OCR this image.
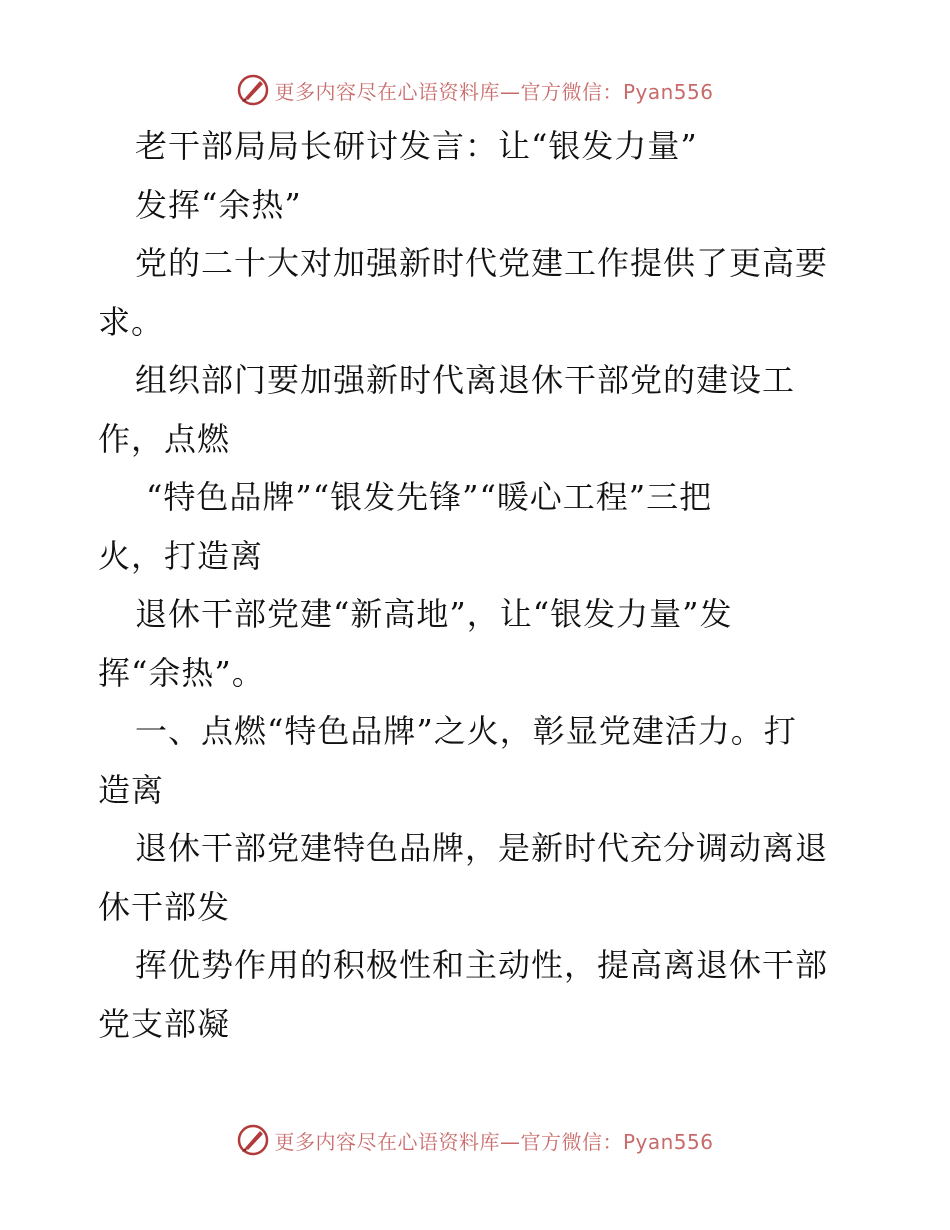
更多内容尽在心语资料库—官方微信：Pyan556
老干部局局长研讨发言：让“银发力量”
发挥“余热”
党的二十大对加强新时代党建工作提供了更高要
求。
组织部门要加强新时代离退休干部党的建设工
作，点燃
“特色品牌”“银发先锋”“暖心工程”三把
火，打造离
退休干部党建“新高地”，让“银发力量”发
挥“余热”。
一、点燃“特色品牌”之火，彰显党建活力。打
造离
退休干部党建特色品牌，是新时代充分调动离退
休干部发
挥优势作用的积极性和主动性，提高离退休干部
党支部凝
更多内容尽在心语资料库—官方微信：Pyan556
